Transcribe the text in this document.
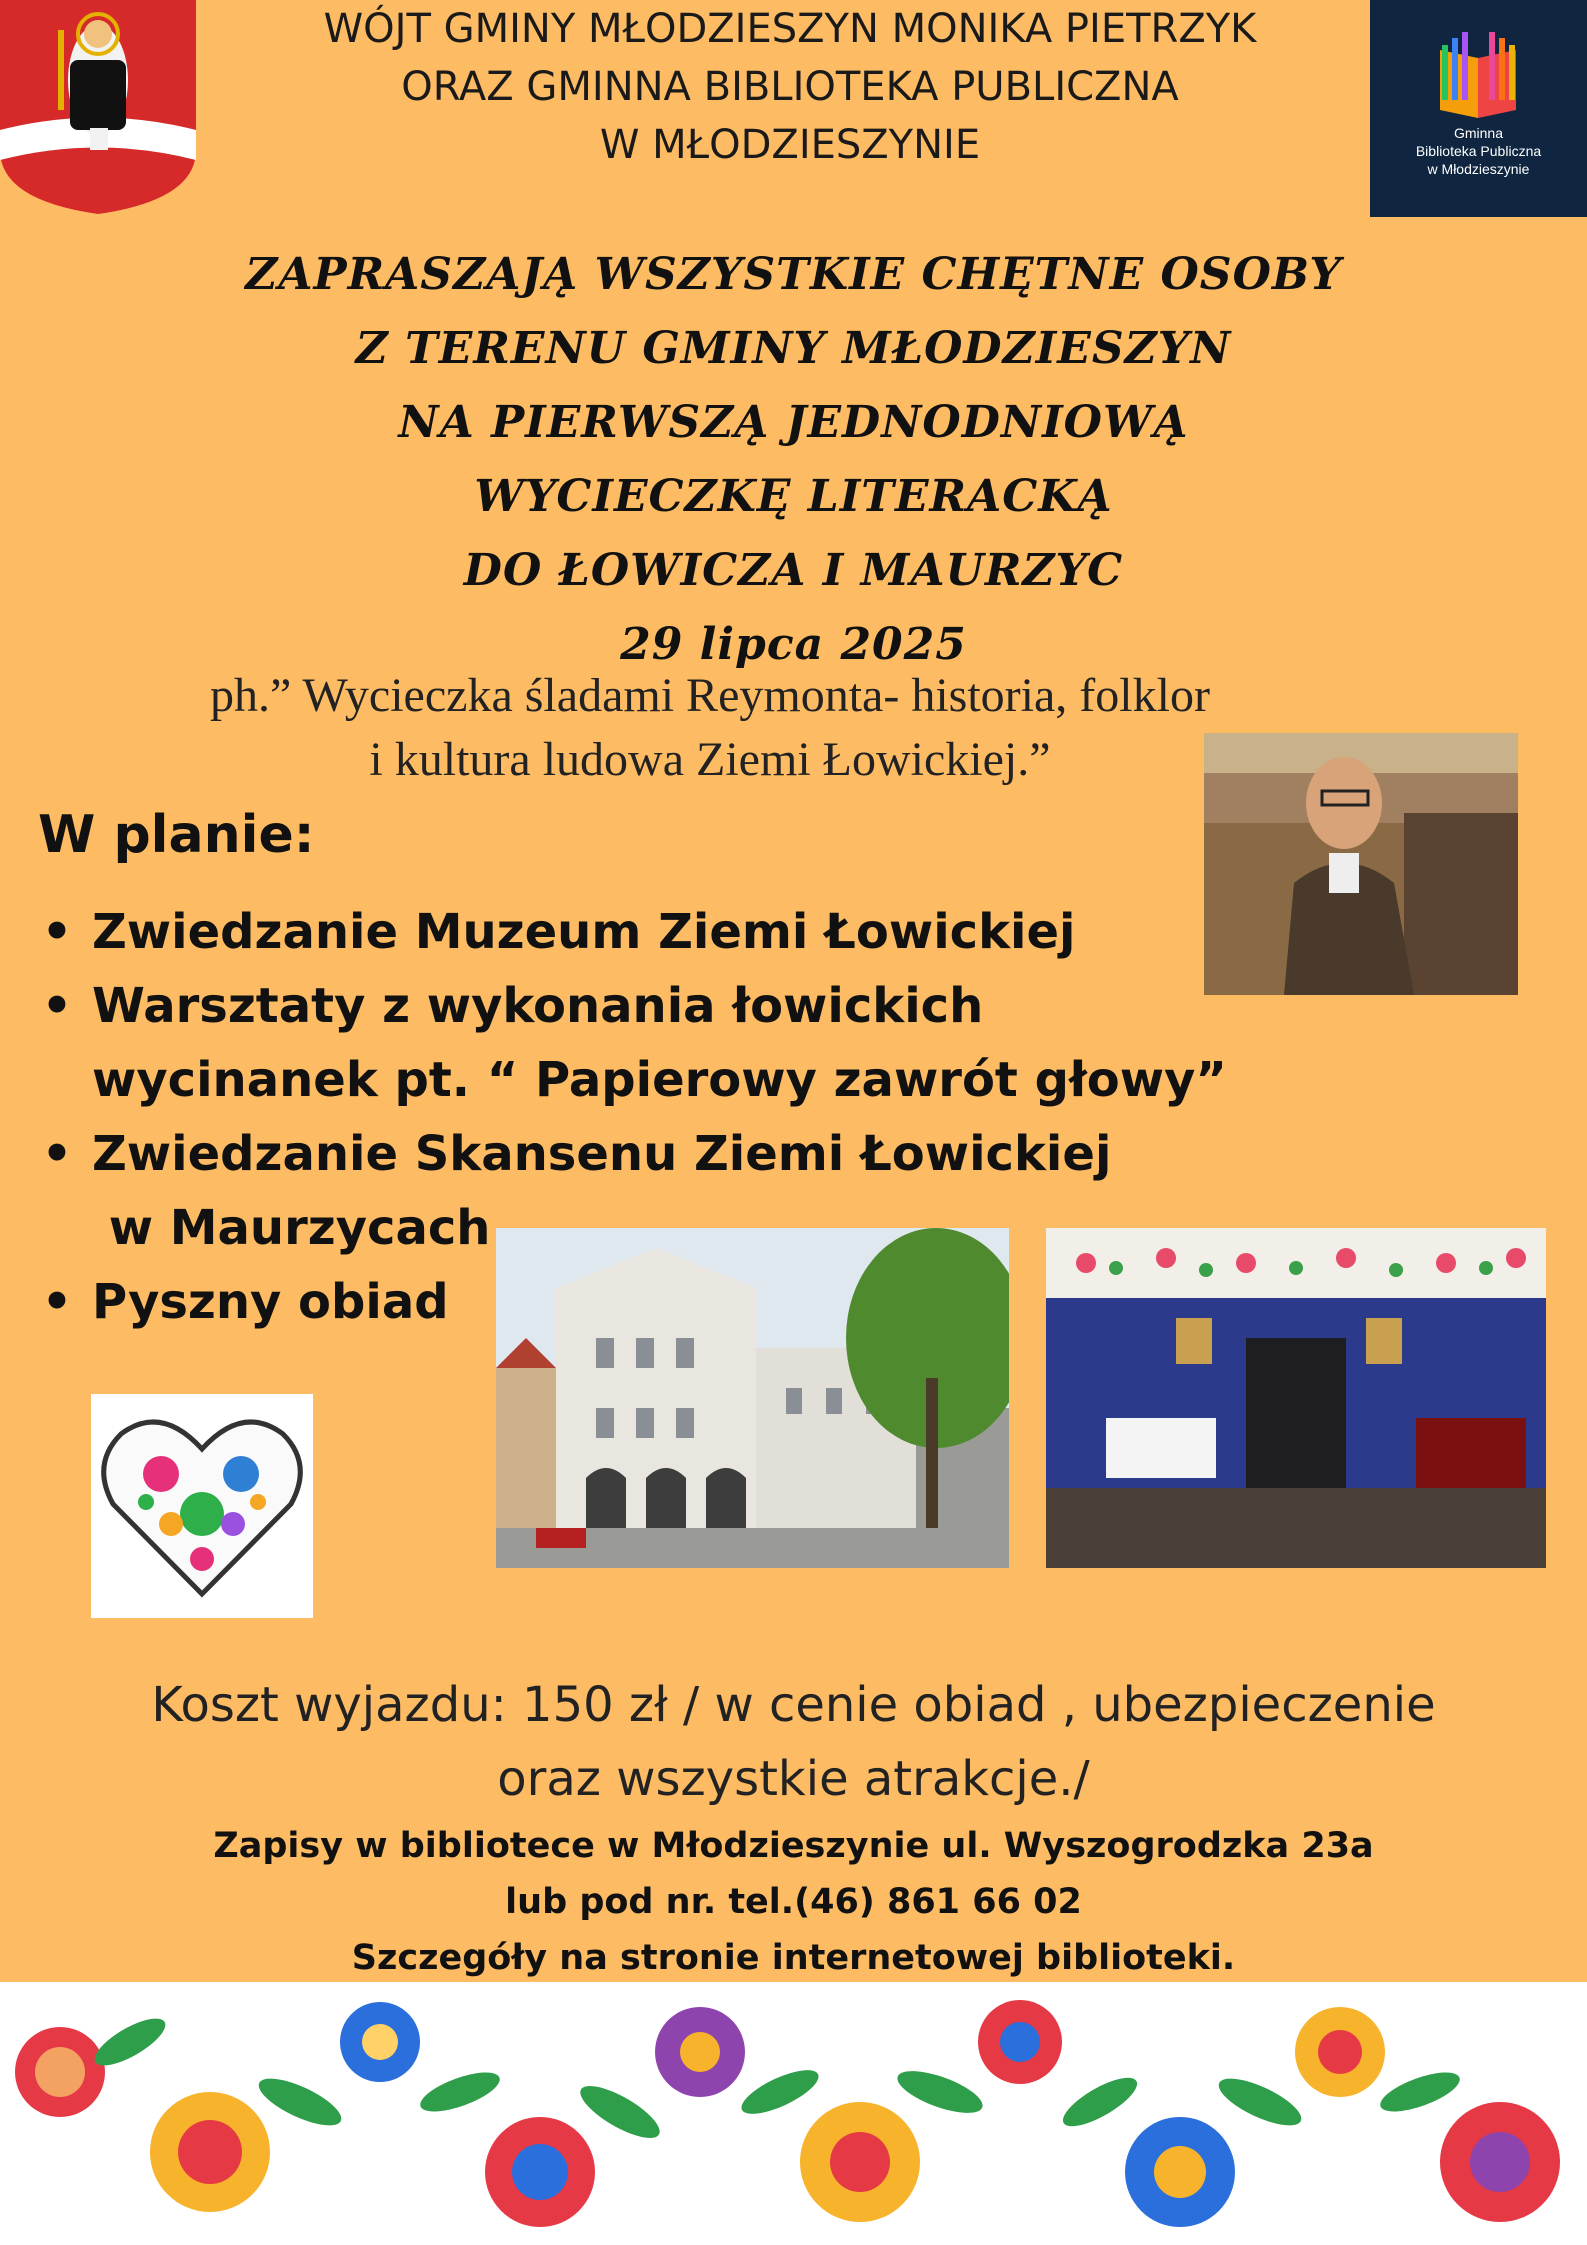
WÓJT GMINY MŁODZIESZYN MONIKA PIETRZYK
ORAZ GMINNA BIBLIOTEKA PUBLICZNA
W MŁODZIESZYNIE	Gminna
Biblioteka Publiczna
w Młodzieszynie
ZAPRASZAJĄ WSZYSTKIE CHĘTNE OSOBY
Z TERENU GMINY MŁODZIESZYN
NA PIERWSZĄ JEDNODNIOWĄ
WYCIECZKĘ LITERACKĄ
DO ŁOWICZA I MAURZYC
29 lipca 2025
ph.” Wycieczka śladami Reymonta- historia, folklor
i kultura ludowa Ziemi Łowickiej.”
W planie:
• Zwiedzanie Muzeum Ziemi Łowickiej
• Warsztaty z wykonania łowickich
wycinanek pt. “ Papierowy zawrót głowy”
• Zwiedzanie Skansenu Ziemi Łowickiej
w Maurzycach
• Pyszny obiad
Koszt wyjazdu: 150 zł / w cenie obiad , ubezpieczenie
oraz wszystkie atrakcje./
Zapisy w bibliotece w Młodzieszynie ul. Wyszogrodzka 23a
lub pod nr. tel.(46) 861 66 02
Szczegóły na stronie internetowej biblioteki.
